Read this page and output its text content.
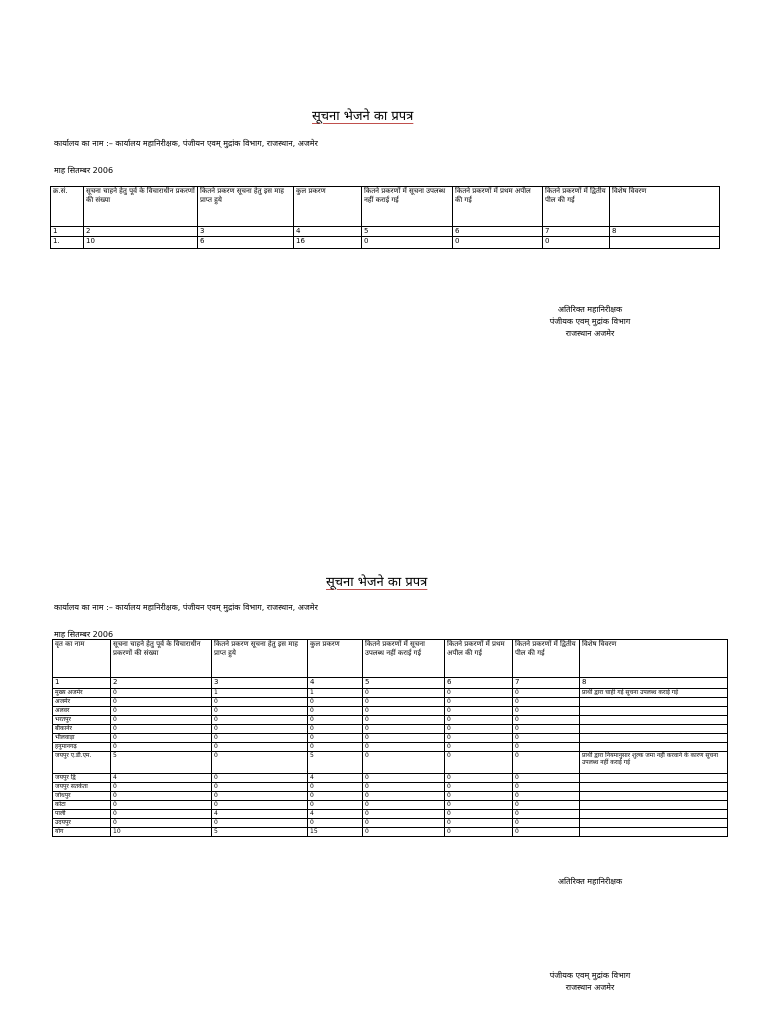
सूचना भेजने का प्रपत्र
कार्यालय का नाम :– कार्यालय महानिरीक्षक, पंजीयन एवम् मुद्रांक विभाग, राजस्थान, अजमेर
माह सितम्बर 2006
क्र.सं.	सूचना चाहने हेतु पूर्व के विचाराधीन प्रकरणों की संख्या	कितने प्रकरण सूचना हेतु इस माह प्राप्त हुये	कुल प्रकरण	कितने प्रकरणों में सूचना उपलब्ध नहीं कराई गई	कितने प्रकरणों में प्रथम अपील की गई	कितने प्रकरणों में द्वितीय पील की गई	विशेष विवरण
1	2	3	4	5	6	7	8
1.	10	6	16	0	0	0	
अतिरिक्त महानिरीक्षक
पंजीयक एवम् मुद्रांक विभाग
राजस्थान अजमेर
सूचना भेजने का प्रपत्र
कार्यालय का नाम :– कार्यालय महानिरीक्षक, पंजीयन एवम् मुद्रांक विभाग, राजस्थान, अजमेर
माह सितम्बर 2006
वृत का नाम	सूचना चाहने हेतु पूर्व के विचाराधीन प्रकरणों की संख्या	कितने प्रकरण सूचना हेतु इस माह प्राप्त हुये	कुल प्रकरण	कितने प्रकरणों में सूचना उपलब्ध नहीं कराई गई	कितने प्रकरणों में प्रथम अपील की गई	कितने प्रकरणों में द्वितीय पील की गई	विशेष विवरण
1	2	3	4	5	6	7	8
मुख्य अजमेर	0	1	1	0	0	0	प्रार्थी द्वारा चाही गई सूचना उपलब्ध कराई गई
अजमेर	0	0	0	0	0	0	
अलवर	0	0	0	0	0	0	
भरतपुर	0	0	0	0	0	0	
बीकानेर	0	0	0	0	0	0	
भीलवाड़ा	0	0	0	0	0	0	
हनुमानगढ़	0	0	0	0	0	0	
जयपुर ए.डी.एम.	5	0	5	0	0	0	प्रार्थी द्वारा नियमानुसार शुल्क जमा नहीं करवाने के कारण सूचना उपलब्ध नहीं कराई गई
जयपुर द्वि	4	0	4	0	0	0	
जयपुर सतर्कता	0	0	0	0	0	0	
जोधपुर	0	0	0	0	0	0	
कोटा	0	0	0	0	0	0	
पाली	0	4	4	0	0	0	
उदयपुर	0	0	0	0	0	0	
योग	10	5	15	0	0	0	
अतिरिक्त महानिरीक्षक
पंजीयक एवम् मुद्रांक विभाग
राजस्थान अजमेर
